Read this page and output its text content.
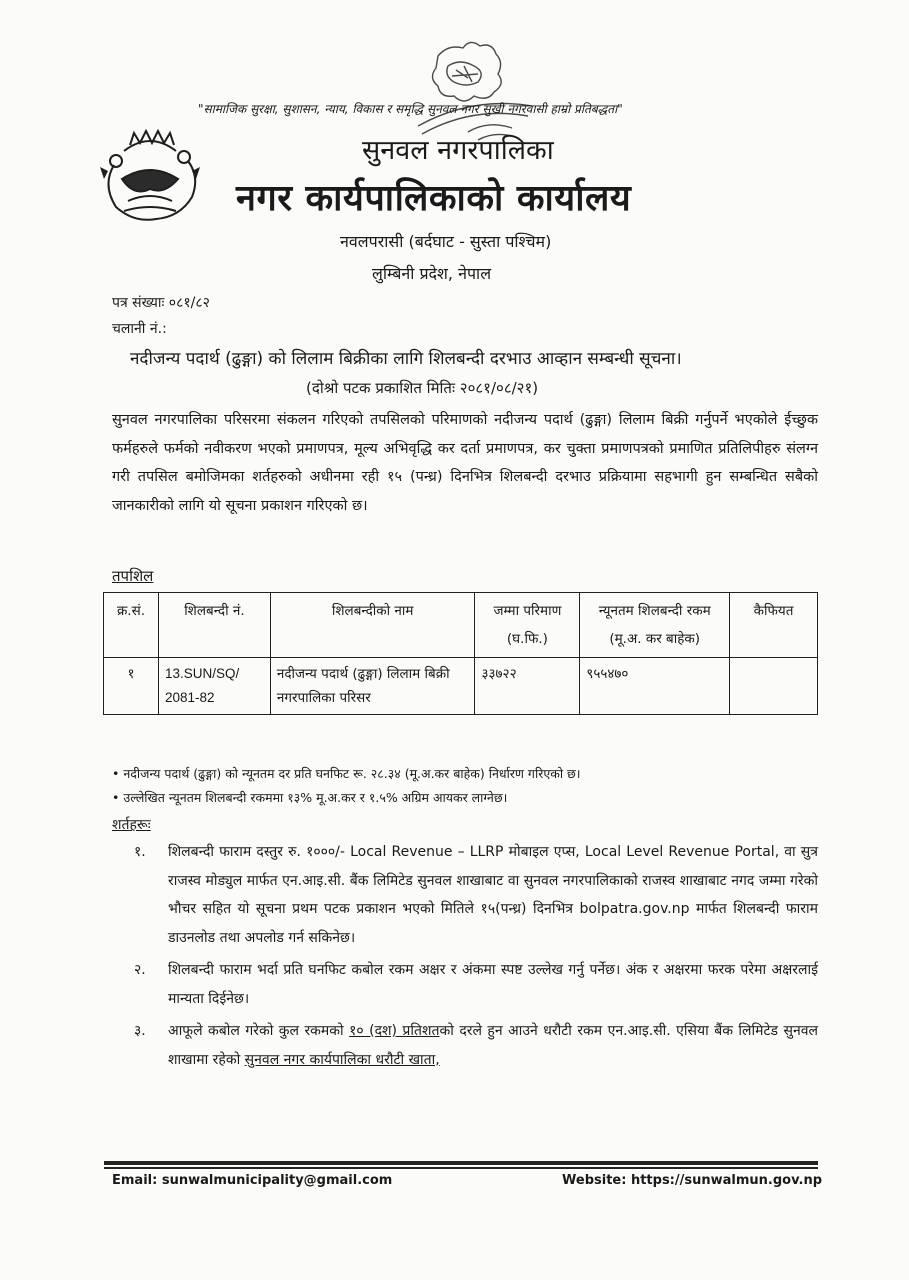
"सामाजिक सुरक्षा, सुशासन, न्याय, विकास र समृद्धि सुनवल नगर सुखी नगरवासी हाम्रो प्रतिबद्धता"
सुनवल नगरपालिका
नगर कार्यपालिकाको कार्यालय
नवलपरासी (बर्दघाट - सुस्ता पश्चिम)
लुम्बिनी प्रदेश, नेपाल
पत्र संख्याः ०८१/८२
चलानी नं.:
नदीजन्य पदार्थ (ढुङ्गा) को लिलाम बिक्रीका लागि शिलबन्दी दरभाउ आव्हान सम्बन्धी सूचना।
(दोश्रो पटक प्रकाशित मितिः २०८१/०८/२१)
सुनवल नगरपालिका परिसरमा संकलन गरिएको तपसिलको परिमाणको नदीजन्य पदार्थ (ढुङ्गा) लिलाम बिक्री गर्नुपर्ने भएकोले ईच्छुक फर्महरुले फर्मको नवीकरण भएको प्रमाणपत्र, मूल्य अभिवृद्धि कर दर्ता प्रमाणपत्र, कर चुक्ता प्रमाणपत्रको प्रमाणित प्रतिलिपीहरु संलग्न गरी तपसिल बमोजिमका शर्तहरुको अधीनमा रही १५ (पन्ध्र) दिनभित्र शिलबन्दी दरभाउ प्रक्रियामा सहभागी हुन सम्बन्धित सबैको जानकारीको लागि यो सूचना प्रकाशन गरिएको छ।
तपशिल
क्र.सं.	शिलबन्दी नं.	शिलबन्दीको नाम	जम्मा परिमाण (घ.फि.)	न्यूनतम शिलबन्दी रकम (मू.अ. कर बाहेक)	कैफियत
१	13.SUN/SQ/ 2081-82	नदीजन्य पदार्थ (ढुङ्गा) लिलाम बिक्री नगरपालिका परिसर	३३७२२	९५५४७०	
• नदीजन्य पदार्थ (ढुङ्गा) को न्यूनतम दर प्रति घनफिट रू. २८.३४ (मू.अ.कर बाहेक) निर्धारण गरिएको छ।
• उल्लेखित न्यूनतम शिलबन्दी रकममा १३% मू.अ.कर र १.५% अग्रिम आयकर लाग्नेछ।
शर्तहरूः
१.	शिलबन्दी फाराम दस्तुर रु. १०००/- Local Revenue – LLRP मोबाइल एप्स, Local Level Revenue Portal, वा सुत्र राजस्व मोड्युल मार्फत एन.आइ.सी. बैंक लिमिटेड सुनवल शाखाबाट वा सुनवल नगरपालिकाको राजस्व शाखाबाट नगद जम्मा गरेको भौचर सहित यो सूचना प्रथम पटक प्रकाशन भएको मितिले १५(पन्ध्र) दिनभित्र bolpatra.gov.np मार्फत शिलबन्दी फाराम डाउनलोड तथा अपलोड गर्न सकिनेछ।
२.	शिलबन्दी फाराम भर्दा प्रति घनफिट कबोल रकम अक्षर र अंकमा स्पष्ट उल्लेख गर्नु पर्नेछ। अंक र अक्षरमा फरक परेमा अक्षरलाई मान्यता दिईनेछ।
३.	आफूले कबोल गरेको कुल रकमको १० (दश) प्रतिशतको दरले हुन आउने धरौटी रकम एन.आइ.सी. एसिया बैंक लिमिटेड सुनवल शाखामा रहेको सुनवल नगर कार्यपालिका धरौटी खाता,
Email: sunwalmunicipality@gmail.com	Website: https://sunwalmun.gov.np
